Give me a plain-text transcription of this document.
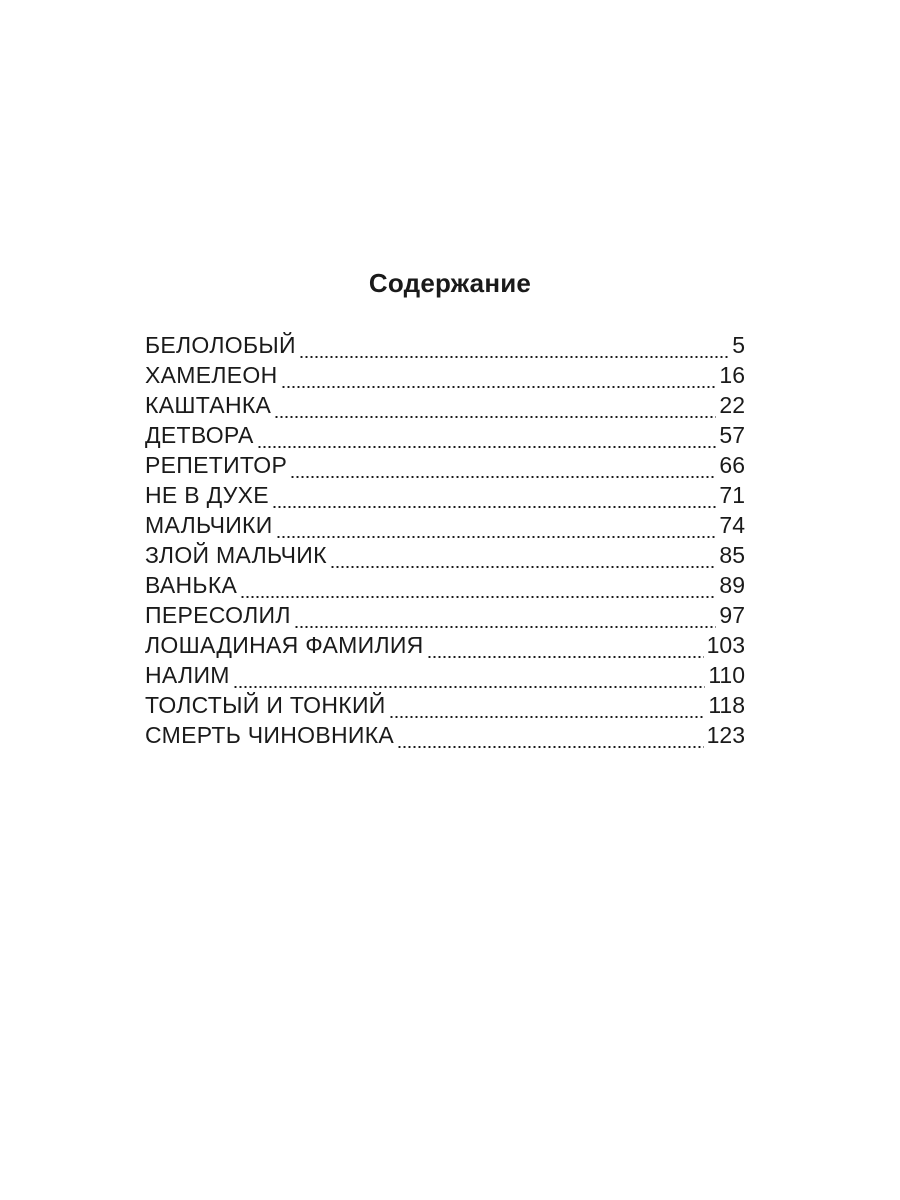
Содержание
БЕЛОЛОБЫЙ	5
ХАМЕЛЕОН	16
КАШТАНКА	22
ДЕТВОРА	57
РЕПЕТИТОР	66
НЕ В ДУХЕ	71
МАЛЬЧИКИ	74
ЗЛОЙ МАЛЬЧИК	85
ВАНЬКА	89
ПЕРЕСОЛИЛ	97
ЛОШАДИНАЯ ФАМИЛИЯ	103
НАЛИМ	110
ТОЛСТЫЙ И ТОНКИЙ	118
СМЕРТЬ ЧИНОВНИКА	123
